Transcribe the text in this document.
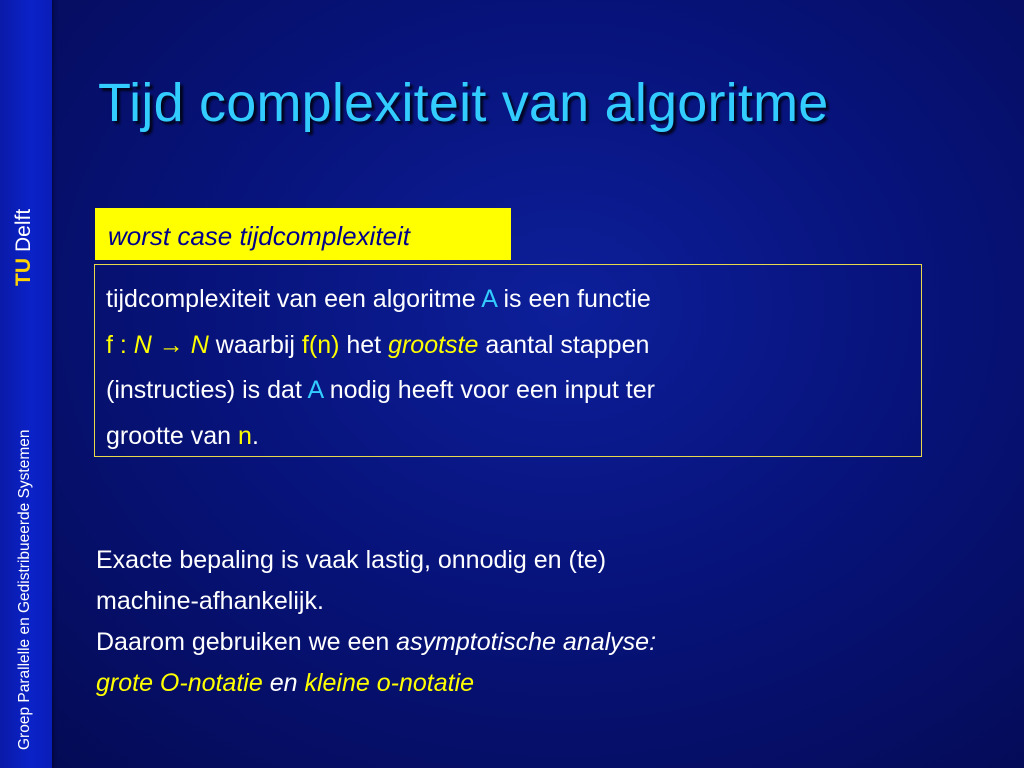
TUDelft
Groep Parallelle en Gedistribueerde Systemen
Tijd complexiteit van algoritme
worst case tijdcomplexiteit
tijdcomplexiteit van een algoritme A is een functie
f : N → N waarbij f(n) het grootste aantal stappen
(instructies) is dat A nodig heeft voor een input ter
grootte van n.
Exacte bepaling is vaak lastig, onnodig en (te)
machine-afhankelijk.
Daarom gebruiken we een asymptotische analyse:
grote O-notatie en kleine o-notatie
